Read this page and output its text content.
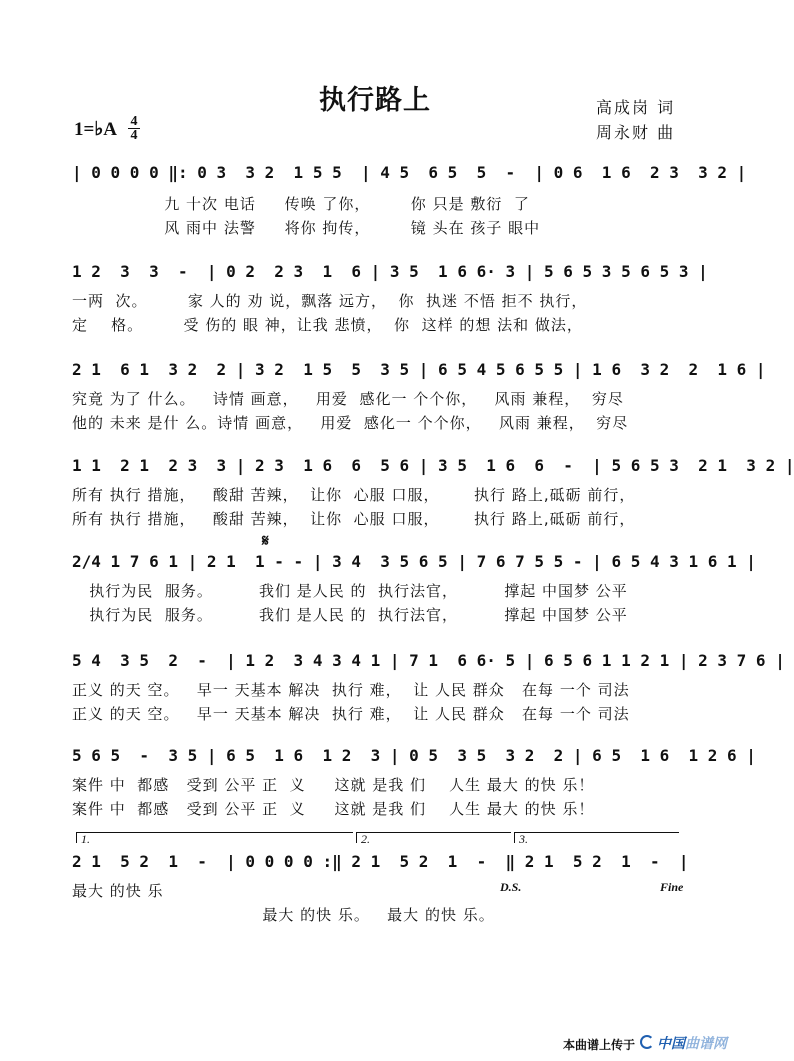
执行路上	高成岗 词
周永财 曲
1=♭A 4
4
| 0 0 0 0 ‖: 0 3  3 2  1 5 5  | 4 5  6 5  5  -  | 0 6  1 6  2 3  3 2 |
九 十次 电话     传唤 了你，       你 只是 敷衍  了
风 雨中 法警     将你 拘传，       镜 头在 孩子 眼中
1 2  3  3  -  | 0 2  2 3  1  6 | 3 5  1 6 6· 3 | 5 6 5 3 5 6 5 3 |
一两  次。       家 人的 劝 说，飘落 远方，  你  执迷 不悟 拒不 执行，
定    格。       受 伤的 眼 神，让我 悲愤，  你  这样 的想 法和 做法，
2 1  6 1  3 2  2 | 3 2  1 5  5  3 5 | 6 5 4 5 6 5 5 | 1 6  3 2  2  1 6 |
究竟 为了 什么。   诗情 画意，   用爱  感化一 个个你，   风雨 兼程，  穷尽
他的 未来 是什 么。诗情 画意，   用爱  感化一 个个你，   风雨 兼程，  穷尽
1 1  2 1  2 3  3 | 2 3  1 6  6  5 6 | 3 5  1 6  6  -  | 5 6 5 3  2 1  3 2 |
所有 执行 措施，   酸甜 苦辣，  让你  心服 口服，      执行 路上,砥砺 前行，
所有 执行 措施，   酸甜 苦辣，  让你  心服 口服，      执行 路上,砥砺 前行，
𝄋
2/4 1 7 6 1 | 2 1  1 - - | 3 4  3 5 6 5 | 7 6 7 5 5 - | 6 5 4 3 1 6 1 |
执行为民  服务。        我们 是人民 的  执行法官，        撑起 中国梦 公平
执行为民  服务。        我们 是人民 的  执行法官，        撑起 中国梦 公平
5 4  3 5  2  -  | 1 2  3 4 3 4 1 | 7 1  6 6· 5 | 6 5 6 1 1 2 1 | 2 3 7 6 |
正义 的天 空。   早一 天基本 解决  执行 难，  让 人民 群众   在每 一个 司法
正义 的天 空。   早一 天基本 解决  执行 难，  让 人民 群众   在每 一个 司法
5 6 5  -  3 5 | 6 5  1 6  1 2  3 | 0 5  3 5  3 2  2 | 6 5  1 6  1 2 6 |
案件 中  都感   受到 公平 正  义     这就 是我 们    人生 最大 的快 乐！
案件 中  都感   受到 公平 正  义     这就 是我 们    人生 最大 的快 乐！
1.	2.	3.
2 1  5 2  1  -  | 0 0 0 0 :‖ 2 1  5 2  1  -  ‖ 2 1  5 2  1  -  |
最大 的快 乐
最大 的快 乐。   最大 的快 乐。
D.S.	Fine
本曲谱上传于	中国曲谱网
